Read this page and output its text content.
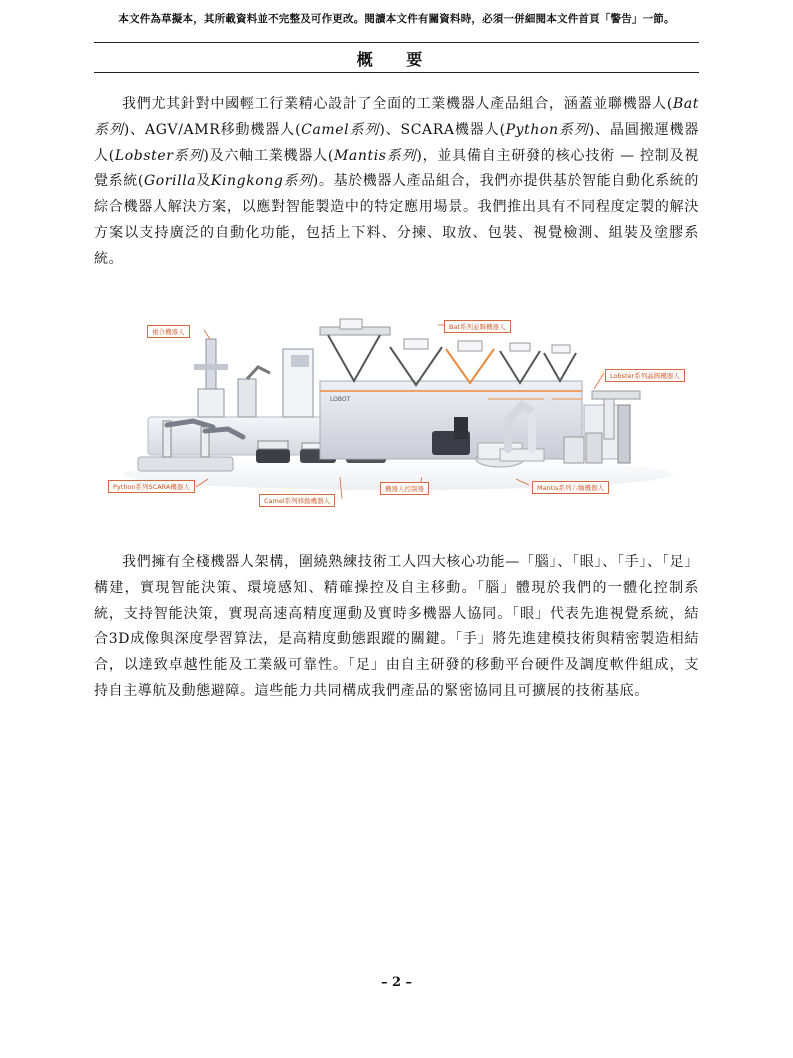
本文件為草擬本，其所載資料並不完整及可作更改。閱讀本文件有關資料時，必須一併細閱本文件首頁「警告」一節。
概 要
我們尤其針對中國輕工行業精心設計了全面的工業機器人產品組合，涵蓋並聯機器人(Bat系列)、AGV/AMR移動機器人(Camel系列)、SCARA機器人(Python系列)、晶圓搬運機器人(Lobster系列)及六軸工業機器人(Mantis系列)，並具備自主研發的核心技術 — 控制及視覺系統(Gorilla及Kingkong系列)。基於機器人產品組合，我們亦提供基於智能自動化系統的綜合機器人解決方案，以應對智能製造中的特定應用場景。我們推出具有不同程度定製的解決方案以支持廣泛的自動化功能，包括上下料、分揀、取放、包裝、視覺檢測、組裝及塗膠系統。
LOBOT
複合機器人
Bat系列並聯機器人
Lobster系列晶圓機器人
Python系列SCARA機器人
Camel系列移動機器人
機器人控制器	Mantis系列六軸機器人
我們擁有全棧機器人架構，圍繞熟練技術工人四大核心功能—「腦」、「眼」、「手」、「足」構建，實現智能決策、環境感知、精確操控及自主移動。「腦」體現於我們的一體化控制系統，支持智能決策，實現高速高精度運動及實時多機器人協同。「眼」代表先進視覺系統，結合3D成像與深度學習算法，是高精度動態跟蹤的關鍵。「手」將先進建模技術與精密製造相結合，以達致卓越性能及工業級可靠性。「足」由自主研發的移動平台硬件及調度軟件組成，支持自主導航及動態避障。這些能力共同構成我們產品的緊密協同且可擴展的技術基底。
– 2 –
